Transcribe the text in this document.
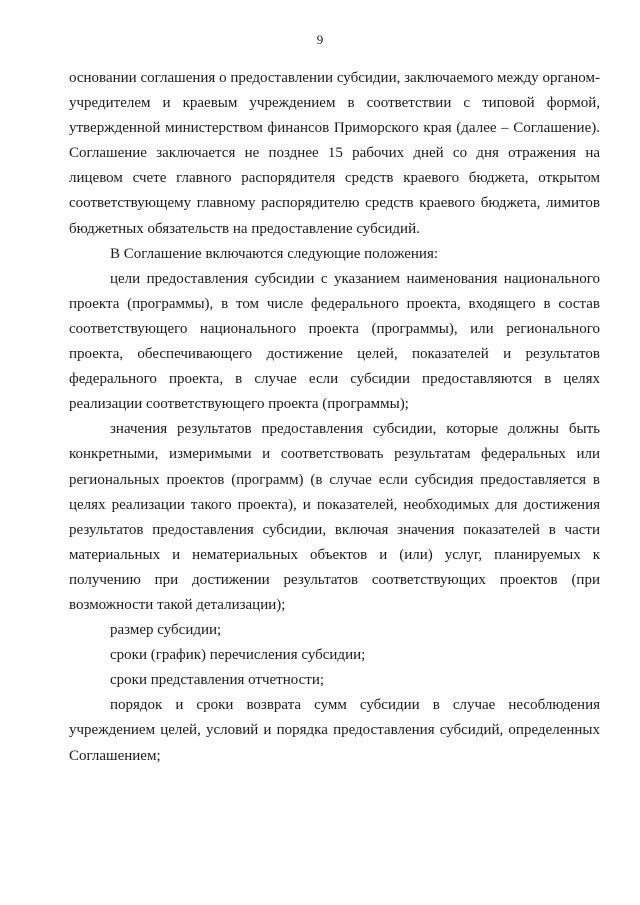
9

основании соглашения о предоставлении субсидии, заключаемого между органом-учредителем и краевым учреждением в соответствии с типовой формой, утвержденной министерством финансов Приморского края (далее – Соглашение). Соглашение заключается не позднее 15 рабочих дней со дня отражения на лицевом счете главного распорядителя средств краевого бюджета, открытом соответствующему главному распорядителю средств краевого бюджета, лимитов бюджетных обязательств на предоставление субсидий.

В Соглашение включаются следующие положения:

цели предоставления субсидии с указанием наименования национального проекта (программы), в том числе федерального проекта, входящего в состав соответствующего национального проекта (программы), или регионального проекта, обеспечивающего достижение целей, показателей и результатов федерального проекта, в случае если субсидии предоставляются в целях реализации соответствующего проекта (программы);

значения результатов предоставления субсидии, которые должны быть конкретными, измеримыми и соответствовать результатам федеральных или региональных проектов (программ) (в случае если субсидия предоставляется в целях реализации такого проекта), и показателей, необходимых для достижения результатов предоставления субсидии, включая значения показателей в части материальных и нематериальных объектов и (или) услуг, планируемых к получению при достижении результатов соответствующих проектов (при возможности такой детализации);

размер субсидии;

сроки (график) перечисления субсидии;

сроки представления отчетности;

порядок и сроки возврата сумм субсидии в случае несоблюдения учреждением целей, условий и порядка предоставления субсидий, определенных Соглашением;
